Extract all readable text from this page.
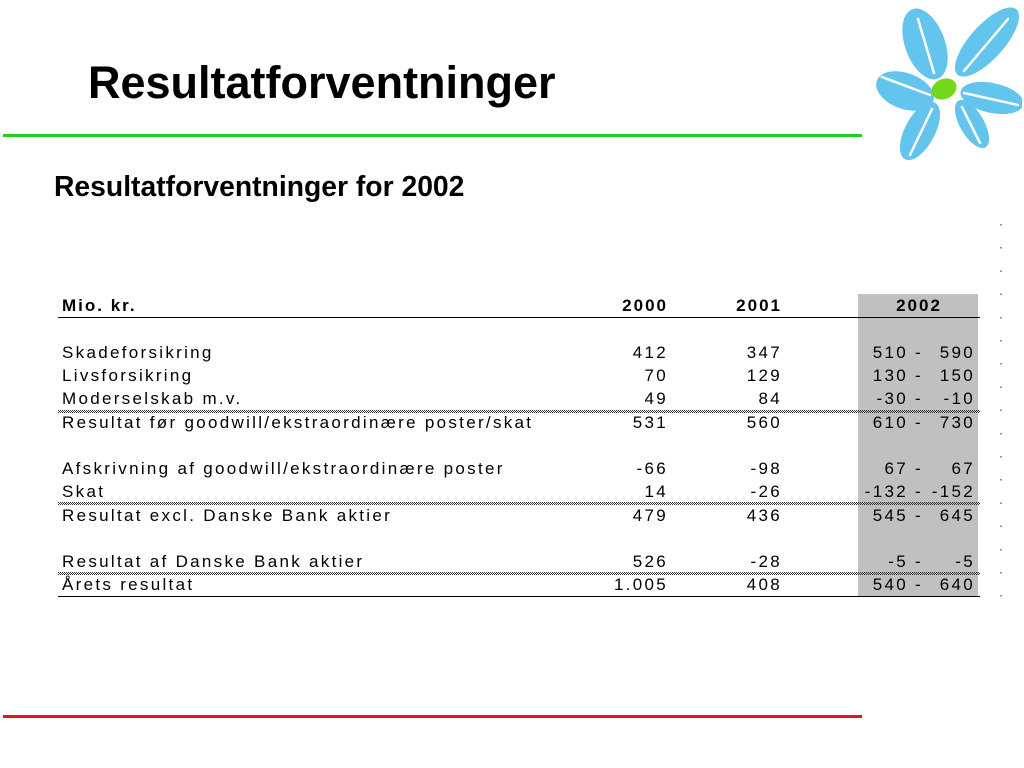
Resultatforventninger
Resultatforventninger for 2002
Mio. kr.	2000	2001	2002
Skadeforsikring	412	347	510 - 590
Livsforsikring	70	129	130 - 150
Moderselskab m.v.	49	84	-30 - -10
Resultat før goodwill/ekstraordinære poster/skat	531	560	610 - 730
Afskrivning af goodwill/ekstraordinære poster	-66	-98	67 - 67
Skat	14	-26	-132 - -152
Resultat excl. Danske Bank aktier	479	436	545 - 645
Resultat af Danske Bank aktier	526	-28	-5 - -5
Årets resultat	1.005	408	540 - 640
